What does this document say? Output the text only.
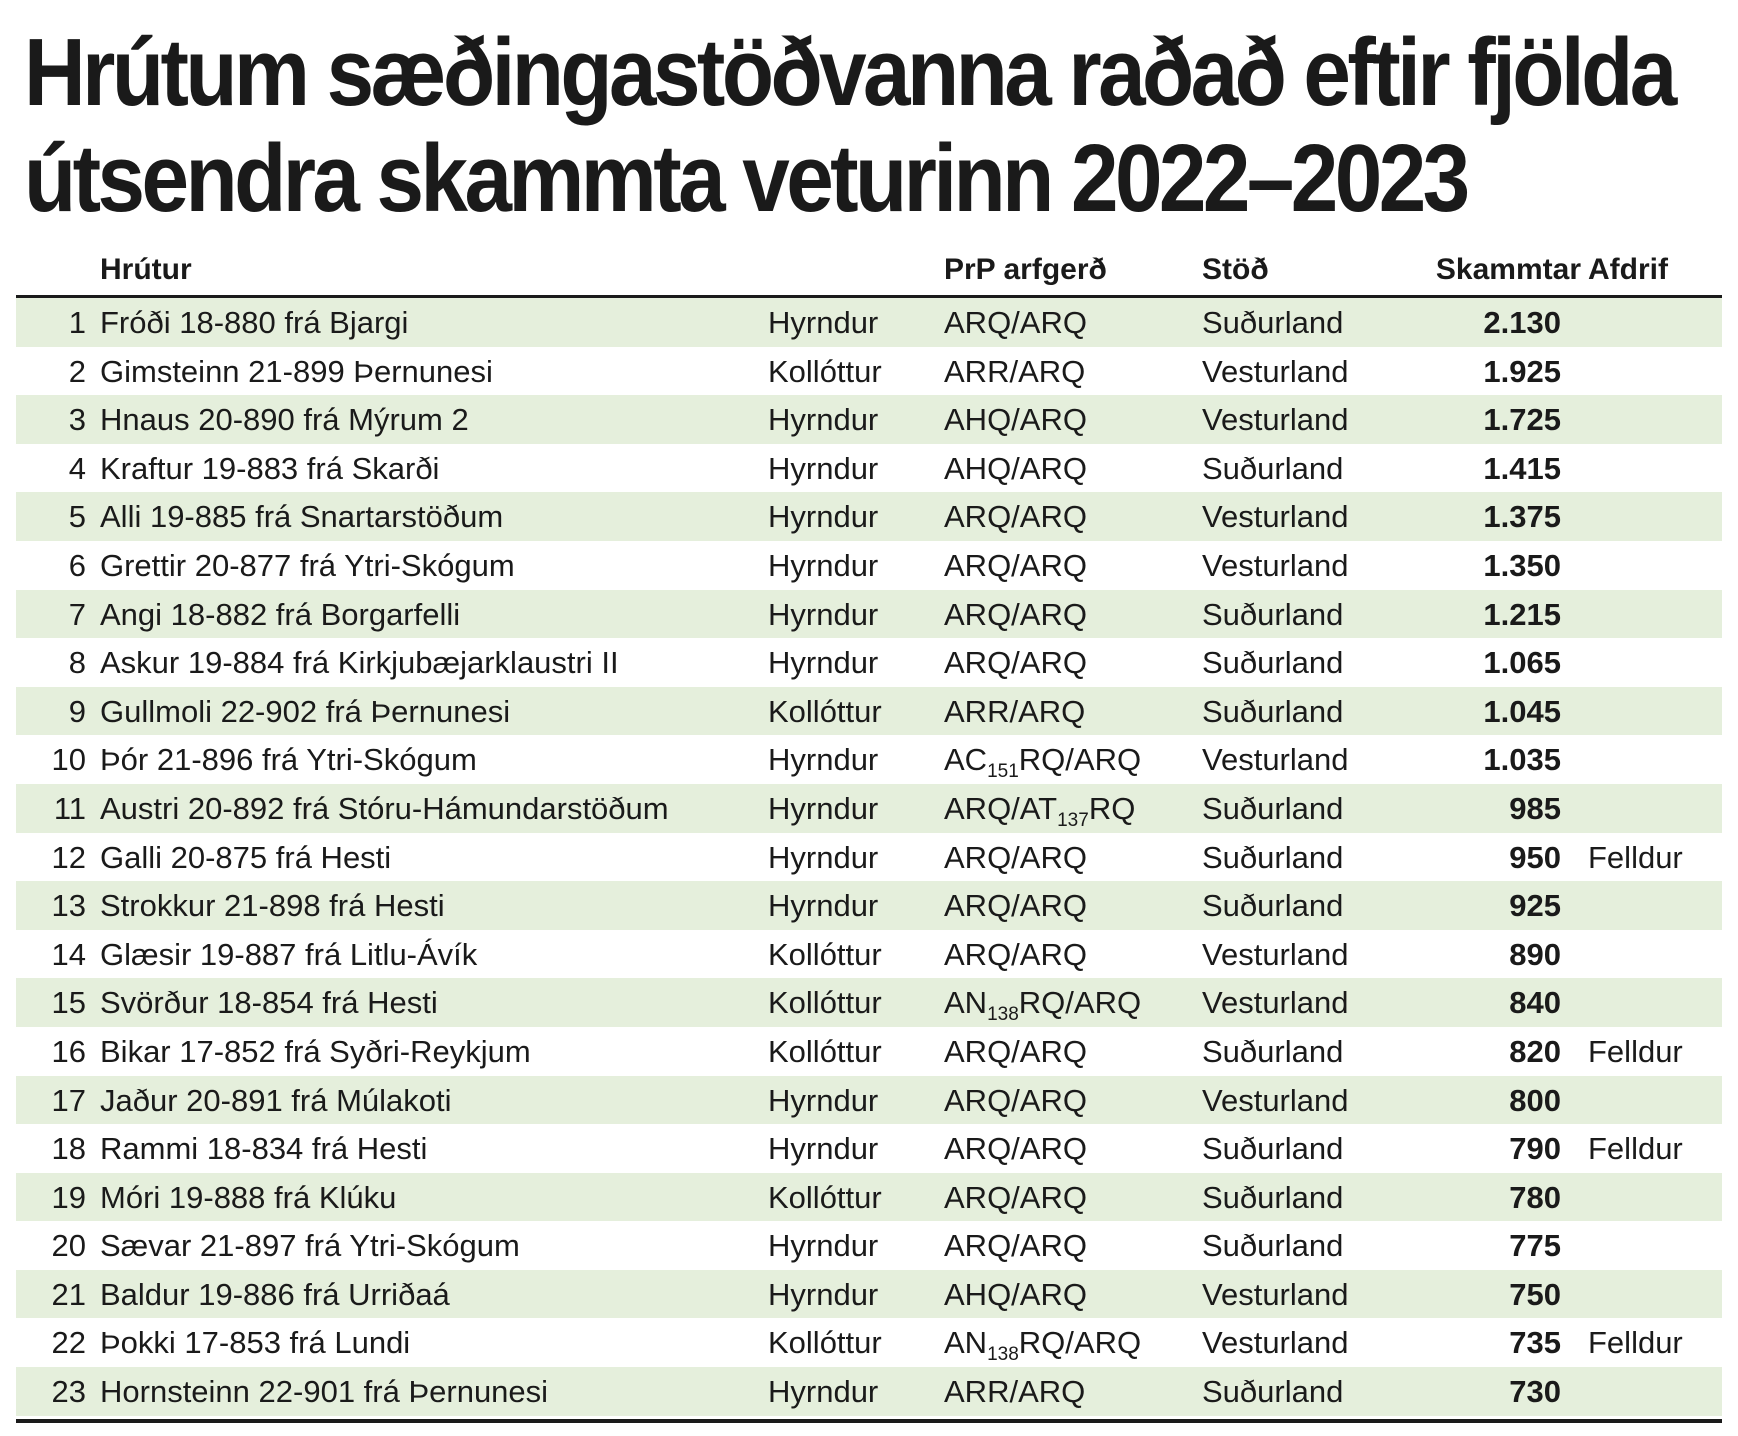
Hrútum sæðingastöðvanna raðað eftir fjölda
útsendra skammta veturinn 2022–2023
Hrútur	PrP arfgerð	Stöð	Skammtar Afdrif
1 Fróði 18-880 frá Bjargi	Hyrndur ARQ/ARQ	Suðurland	2.130
2 Gimsteinn 21-899 Þernunesi	Kollóttur ARR/ARQ	Vesturland	1.925
3 Hnaus 20-890 frá Mýrum 2	Hyrndur AHQ/ARQ	Vesturland	1.725
4 Kraftur 19-883 frá Skarði	Hyrndur AHQ/ARQ	Suðurland	1.415
5 Alli 19-885 frá Snartarstöðum	Hyrndur ARQ/ARQ	Vesturland	1.375
6 Grettir 20-877 frá Ytri-Skógum	Hyrndur ARQ/ARQ	Vesturland	1.350
7 Angi 18-882 frá Borgarfelli	Hyrndur ARQ/ARQ	Suðurland	1.215
8 Askur 19-884 frá Kirkjubæjarklaustri II	Hyrndur ARQ/ARQ	Suðurland	1.065
9 Gullmoli 22-902 frá Þernunesi	Kollóttur ARR/ARQ	Suðurland	1.045
10 Þór 21-896 frá Ytri-Skógum	Hyrndur $AC_{151}RQ$/ARQ Vesturland	1.035
11 Austri 20-892 frá Stóru-Hámundarstöðum	Hyrndur ARQ/$AT_{137}RQ$ Suðurland	985
12 Galli 20-875 frá Hesti	Hyrndur ARQ/ARQ	Suðurland	950 Felldur
13 Strokkur 21-898 frá Hesti	Hyrndur ARQ/ARQ	Suðurland	925
14 Glæsir 19-887 frá Litlu-Ávík	Kollóttur ARQ/ARQ	Vesturland	890
15 Svörður 18-854 frá Hesti	Kollóttur $AN_{138}RQ$/ARQ Vesturland	840
16 Bikar 17-852 frá Syðri-Reykjum	Kollóttur ARQ/ARQ	Suðurland	820 Felldur
17 Jaður 20-891 frá Múlakoti	Hyrndur ARQ/ARQ	Vesturland	800
18 Rammi 18-834 frá Hesti	Hyrndur ARQ/ARQ	Suðurland	790 Felldur
19 Móri 19-888 frá Klúku	Kollóttur ARQ/ARQ	Suðurland	780
20 Sævar 21-897 frá Ytri-Skógum	Hyrndur ARQ/ARQ	Suðurland	775
21 Baldur 19-886 frá Urriðaá	Hyrndur AHQ/ARQ	Vesturland	750
22 Þokki 17-853 frá Lundi	Kollóttur $AN_{138}RQ$/ARQ Vesturland	735 Felldur
23 Hornsteinn 22-901 frá Þernunesi	Hyrndur ARR/ARQ	Suðurland	730
